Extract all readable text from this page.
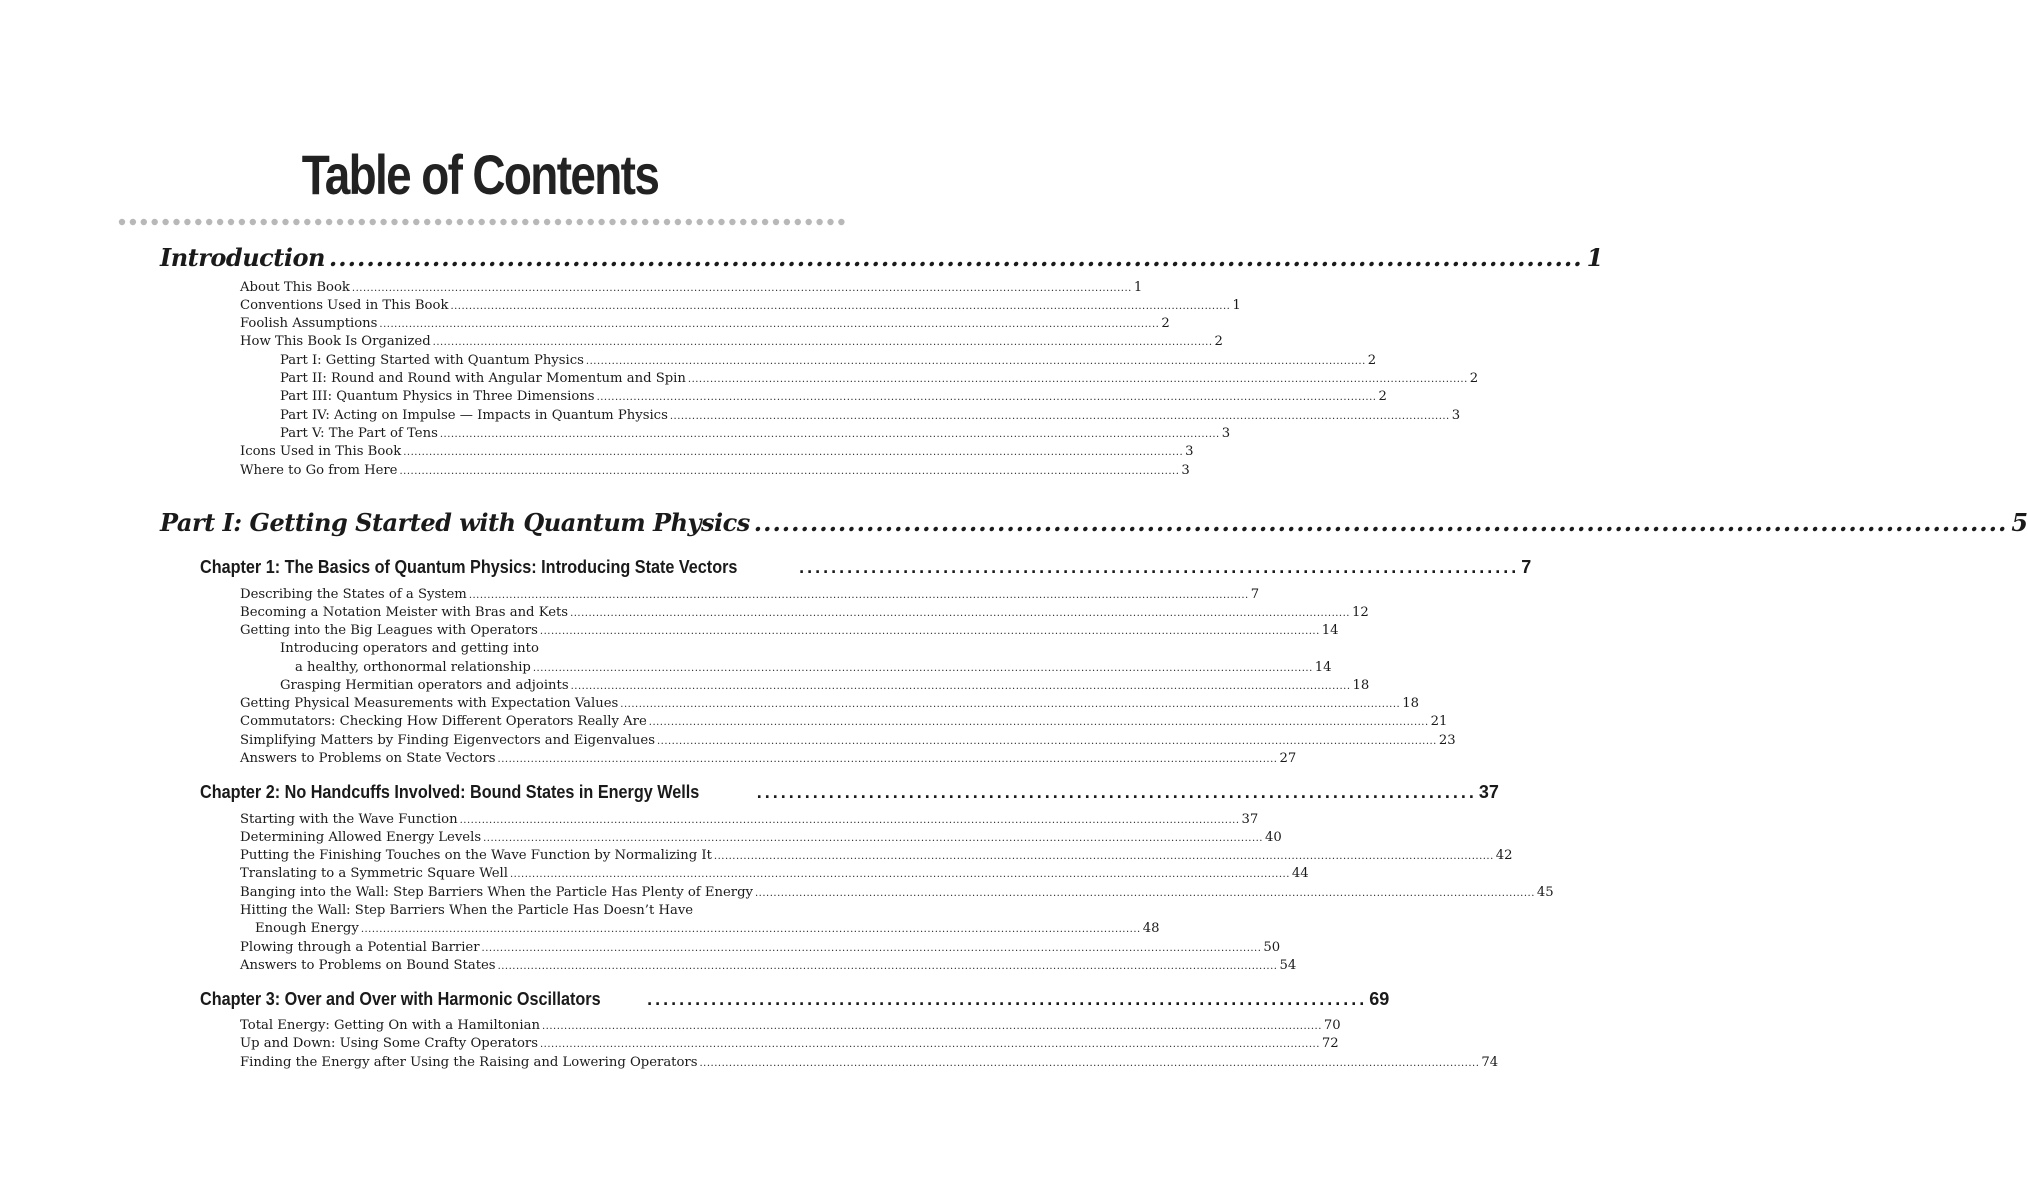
Table of Contents
Introduction ...................................................................................................................................... 1
About This Book .................................................................................................................................................................................................................... 1
Conventions Used in This Book .................................................................................................................................................................................................................... 1
Foolish Assumptions .................................................................................................................................................................................................................... 2
How This Book Is Organized .................................................................................................................................................................................................................... 2
Part I: Getting Started with Quantum Physics .................................................................................................................................................................................................................... 2
Part II: Round and Round with Angular Momentum and Spin .................................................................................................................................................................................................................... 2
Part III: Quantum Physics in Three Dimensions .................................................................................................................................................................................................................... 2
Part IV: Acting on Impulse — Impacts in Quantum Physics .................................................................................................................................................................................................................... 3
Part V: The Part of Tens .................................................................................................................................................................................................................... 3
Icons Used in This Book .................................................................................................................................................................................................................... 3
Where to Go from Here .................................................................................................................................................................................................................... 3
Part I: Getting Started with Quantum Physics ...................................................................................................................................... 5
Chapter 1: The Basics of Quantum Physics: Introducing State Vectors	.......................................................................................... 7
Describing the States of a System .................................................................................................................................................................................................................... 7
Becoming a Notation Meister with Bras and Kets .................................................................................................................................................................................................................... 12
Getting into the Big Leagues with Operators .................................................................................................................................................................................................................... 14
Introducing operators and getting into
a healthy, orthonormal relationship .................................................................................................................................................................................................................... 14
Grasping Hermitian operators and adjoints .................................................................................................................................................................................................................... 18
Getting Physical Measurements with Expectation Values .................................................................................................................................................................................................................... 18
Commutators: Checking How Different Operators Really Are .................................................................................................................................................................................................................... 21
Simplifying Matters by Finding Eigenvectors and Eigenvalues .................................................................................................................................................................................................................... 23
Answers to Problems on State Vectors .................................................................................................................................................................................................................... 27
Chapter 2: No Handcuffs Involved: Bound States in Energy Wells	.......................................................................................... 37
Starting with the Wave Function .................................................................................................................................................................................................................... 37
Determining Allowed Energy Levels .................................................................................................................................................................................................................... 40
Putting the Finishing Touches on the Wave Function by Normalizing It .................................................................................................................................................................................................................... 42
Translating to a Symmetric Square Well .................................................................................................................................................................................................................... 44
Banging into the Wall: Step Barriers When the Particle Has Plenty of Energy .................................................................................................................................................................................................................... 45
Hitting the Wall: Step Barriers When the Particle Has Doesn’t Have
Enough Energy .................................................................................................................................................................................................................... 48
Plowing through a Potential Barrier .................................................................................................................................................................................................................... 50
Answers to Problems on Bound States .................................................................................................................................................................................................................... 54
Chapter 3: Over and Over with Harmonic Oscillators	.......................................................................................... 69
Total Energy: Getting On with a Hamiltonian .................................................................................................................................................................................................................... 70
Up and Down: Using Some Crafty Operators .................................................................................................................................................................................................................... 72
Finding the Energy after Using the Raising and Lowering Operators .................................................................................................................................................................................................................... 74
